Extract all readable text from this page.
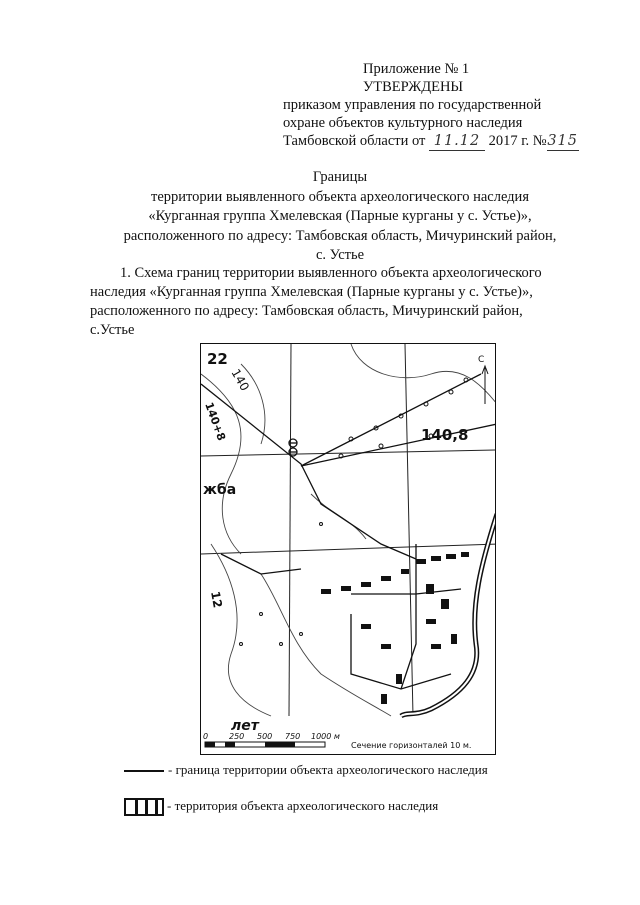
Приложение № 1
УТВЕРЖДЕНЫ
приказом управления по государственной
охране объектов культурного наследия
Тамбовской области от 11.12 2017 г. №315
Границы
территории выявленного объекта археологического наследия
«Курганная группа Хмелевская (Парные курганы у с. Устье)»,
расположенного по адресу: Тамбовская область, Мичуринский район,
с. Устье
1. Схема границ территории выявленного объекта археологического
наследия «Курганная группа Хмелевская (Парные курганы у с. Устье)»,
расположенного по адресу: Тамбовская область, Мичуринский район,
с.Устье
22
140
140,8
С
140+8
жба
12
лет
0	250 500 750 1000 м
Сечение горизонталей 10 м.
- граница территории объекта археологического наследия
- территория объекта археологического наследия
